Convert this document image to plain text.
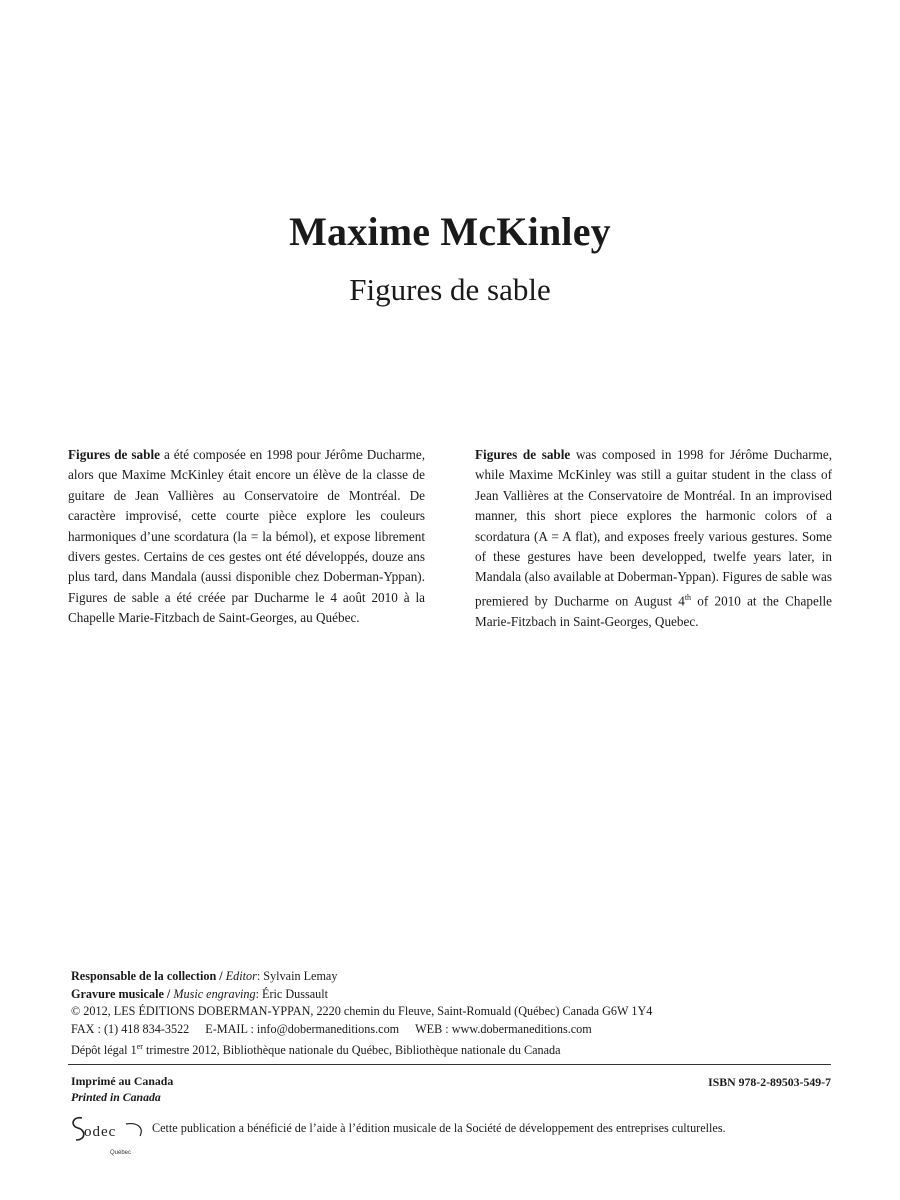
Maxime McKinley
Figures de sable
Figures de sable a été composée en 1998 pour Jérôme Ducharme, alors que Maxime McKinley était encore un élève de la classe de guitare de Jean Vallières au Conservatoire de Montréal. De caractère improvisé, cette courte pièce explore les couleurs harmoniques d’une scordatura (la = la bémol), et expose librement divers gestes. Certains de ces gestes ont été développés, douze ans plus tard, dans Mandala (aussi disponible chez Doberman-Yppan). Figures de sable a été créée par Ducharme le 4 août 2010 à la Chapelle Marie-Fitzbach de Saint-Georges, au Québec.
Figures de sable was composed in 1998 for Jérôme Ducharme, while Maxime McKinley was still a guitar student in the class of Jean Vallières at the Conservatoire de Montréal. In an improvised manner, this short piece explores the harmonic colors of a scordatura (A = A flat), and exposes freely various gestures. Some of these gestures have been developped, twelfe years later, in Mandala (also available at Doberman-Yppan). Figures de sable was premiered by Ducharme on August 4th of 2010 at the Chapelle Marie-Fitzbach in Saint-Georges, Quebec.
Responsable de la collection / Editor: Sylvain Lemay
Gravure musicale / Music engraving: Éric Dussault
© 2012, LES ÉDITIONS DOBERMAN-YPPAN, 2220 chemin du Fleuve, Saint-Romuald (Québec) Canada G6W 1Y4
FAX : (1) 418 834-3522 E-MAIL : info@dobermaneditions.com WEB : www.dobermaneditions.com
Dépôt légal 1er trimestre 2012, Bibliothèque nationale du Québec, Bibliothèque nationale du Canada
Imprimé au Canada
Printed in Canada
ISBN 978-2-89503-549-7
odec
Québec
Cette publication a bénéficié de l’aide à l’édition musicale de la Société de développement des entreprises culturelles.
